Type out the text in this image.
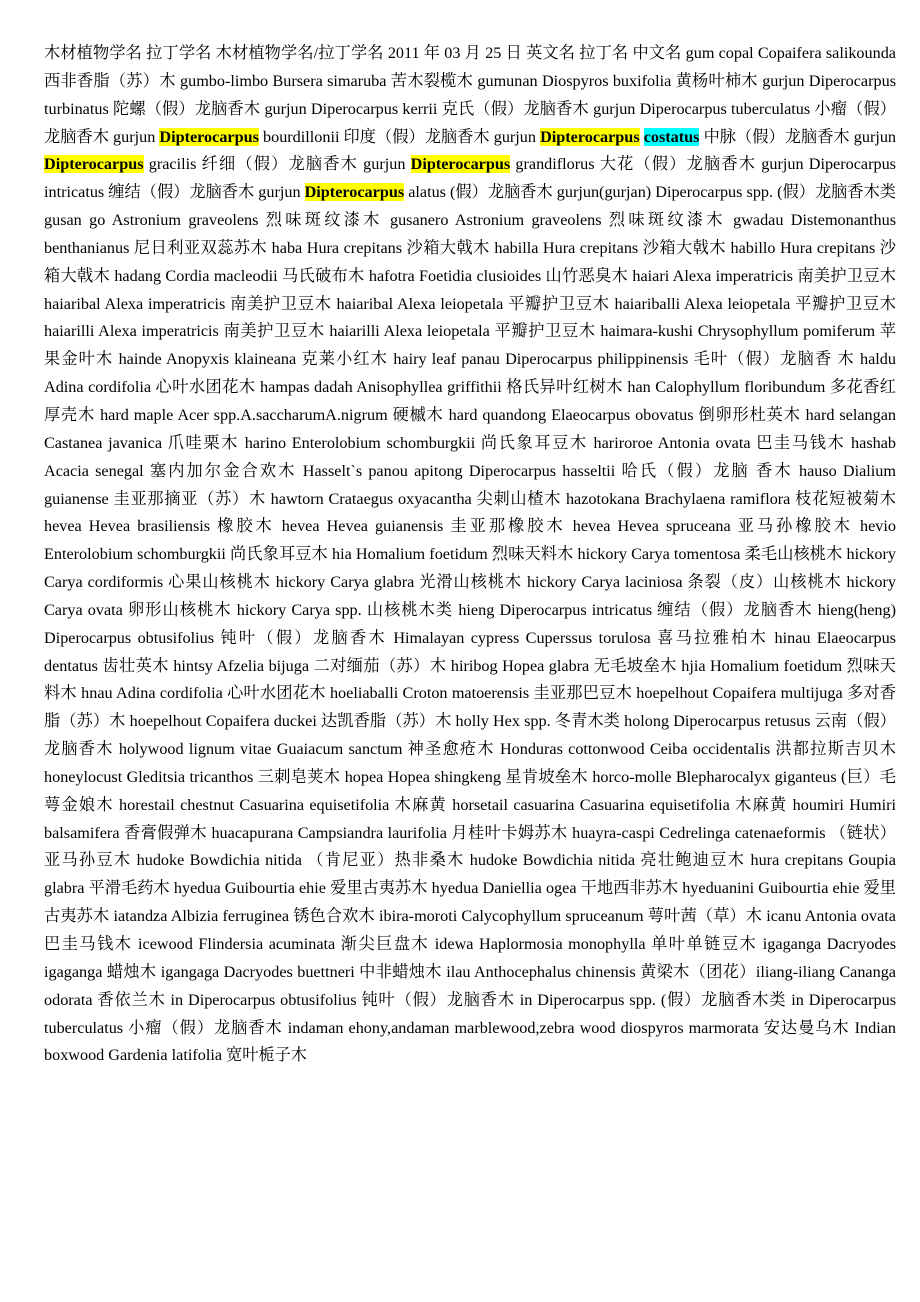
木材植物学名 拉丁学名 木材植物学名/拉丁学名 2011 年 03 月 25 日 英文名 拉丁名 中文名 gum copal Copaifera salikounda 西非香脂（苏）木 gumbo-limbo Bursera simaruba 苦木裂榄木 gumunan Diospyros buxifolia 黄杨叶柿木 gurjun Diperocarpus turbinatus 陀螺（假）龙脑香木 gurjun Diperocarpus kerrii 克氏（假）龙脑香木 gurjun Diperocarpus tuberculatus 小瘤（假）龙脑香木 gurjun Dipterocarpus bourdillonii 印度（假）龙脑香木 gurjun Dipterocarpus costatus 中脉（假）龙脑香木 gurjun Dipterocarpus gracilis 纤细（假）龙脑香木 gurjun Dipterocarpus grandiflorus 大花（假）龙脑香木 gurjun Diperocarpus intricatus 缠结（假）龙脑香木 gurjun Dipterocarpus alatus (假）龙脑香木 gurjun(gurjan) Diperocarpus spp. (假）龙脑香木类 gusan go Astronium graveolens 烈味斑纹漆木 gusanero Astronium graveolens 烈味斑纹漆木 gwadau Distemonanthus benthanianus 尼日利亚双蕊苏木 haba Hura crepitans 沙箱大戟木 habilla Hura crepitans 沙箱大戟木 habillo Hura crepitans 沙箱大戟木 hadang Cordia macleodii 马氏破布木 hafotra Foetidia clusioides 山竹恶臭木 haiari Alexa imperatricis 南美护卫豆木 haiaribal Alexa imperatricis 南美护卫豆木 haiaribal Alexa leiopetala 平瓣护卫豆木 haiariballi Alexa leiopetala 平瓣护卫豆木 haiarilli Alexa imperatricis 南美护卫豆木 haiarilli Alexa leiopetala 平瓣护卫豆木 haimara-kushi Chrysophyllum pomiferum 苹果金叶木 hainde Anopyxis klaineana 克莱小红木 hairy leaf panau Diperocarpus philippinensis 毛叶（假）龙脑香 木 haldu Adina cordifolia 心叶水团花木 hampas dadah Anisophyllea griffithii 格氏异叶红树木 han Calophyllum floribundum 多花香红厚壳木 hard maple Acer spp.A.saccharumA.nigrum 硬槭木 hard quandong Elaeocarpus obovatus 倒卵形杜英木 hard selangan Castanea javanica 爪哇栗木 harino Enterolobium schomburgkii 尚氏象耳豆木 hariroroe Antonia ovata 巴圭马钱木 hashab Acacia senegal 塞内加尔金合欢木 Hasselt`s panou apitong Diperocarpus hasseltii 哈氏（假）龙脑 香木 hauso Dialium guianense 圭亚那摘亚（苏）木 hawtorn Crataegus oxyacantha 尖刺山楂木 hazotokana Brachylaena ramiflora 枝花短被菊木 hevea Hevea brasiliensis 橡胶木 hevea Hevea guianensis 圭亚那橡胶木 hevea Hevea spruceana 亚马孙橡胶木 hevio Enterolobium schomburgkii 尚氏象耳豆木 hia Homalium foetidum 烈味天料木 hickory Carya tomentosa 柔毛山核桃木 hickory Carya cordiformis 心果山核桃木 hickory Carya glabra 光滑山核桃木 hickory Carya laciniosa 条裂（皮）山核桃木 hickory Carya ovata 卵形山核桃木 hickory Carya spp. 山核桃木类 hieng Diperocarpus intricatus 缠结（假）龙脑香木 hieng(heng) Diperocarpus obtusifolius 钝叶（假）龙脑香木 Himalayan cypress Cuperssus torulosa 喜马拉雅柏木 hinau Elaeocarpus dentatus 齿壮英木 hintsy Afzelia bijuga 二对缅茄（苏）木 hiribog Hopea glabra 无毛坡垒木 hjia Homalium foetidum 烈味天料木 hnau Adina cordifolia 心叶水团花木 hoeliaballi Croton matoerensis 圭亚那巴豆木 hoepelhout Copaifera multijuga 多对香脂（苏）木 hoepelhout Copaifera duckei 达凯香脂（苏）木 holly Hex spp. 冬青木类 holong Diperocarpus retusus 云南（假）龙脑香木 holywood lignum vitae Guaiacum sanctum 神圣愈疮木 Honduras cottonwood Ceiba occidentalis 洪都拉斯吉贝木 honeylocust Gleditsia tricanthos 三刺皂荚木 hopea Hopea shingkeng 星肯坡垒木 horco-molle Blepharocalyx giganteus (巨）毛萼金娘木 horestail chestnut Casuarina equisetifolia 木麻黄 horsetail casuarina Casuarina equisetifolia 木麻黄 houmiri Humiri balsamifera 香膏假弹木 huacapurana Campsiandra laurifolia 月桂叶卡姆苏木 huayra-caspi Cedrelinga catenaeformis （链状）亚马孙豆木 hudoke Bowdichia nitida （肯尼亚）热非桑木 hudoke Bowdichia nitida 亮壮鲍迪豆木 hura crepitans Goupia glabra 平滑毛药木 hyedua Guibourtia ehie 爱里古夷苏木 hyedua Daniellia ogea 干地西非苏木 hyeduanini Guibourtia ehie 爱里古夷苏木 iatandza Albizia ferruginea 锈色合欢木 ibira-moroti Calycophyllum spruceanum 萼叶茜（草）木 icanu Antonia ovata 巴圭马钱木 icewood Flindersia acuminata 渐尖巨盘木 idewa Haplormosia monophylla 单叶单链豆木 igaganga Dacryodes igaganga 蜡烛木 igangaga Dacryodes buettneri 中非蜡烛木 ilau Anthocephalus chinensis 黄梁木（团花）iliang-iliang Cananga odorata 香依兰木 in Diperocarpus obtusifolius 钝叶（假）龙脑香木 in Diperocarpus spp. (假）龙脑香木类 in Diperocarpus tuberculatus 小瘤（假）龙脑香木 indaman ehony,andaman marblewood,zebra wood diospyros marmorata 安达曼乌木 Indian boxwood Gardenia latifolia 宽叶栀子木
